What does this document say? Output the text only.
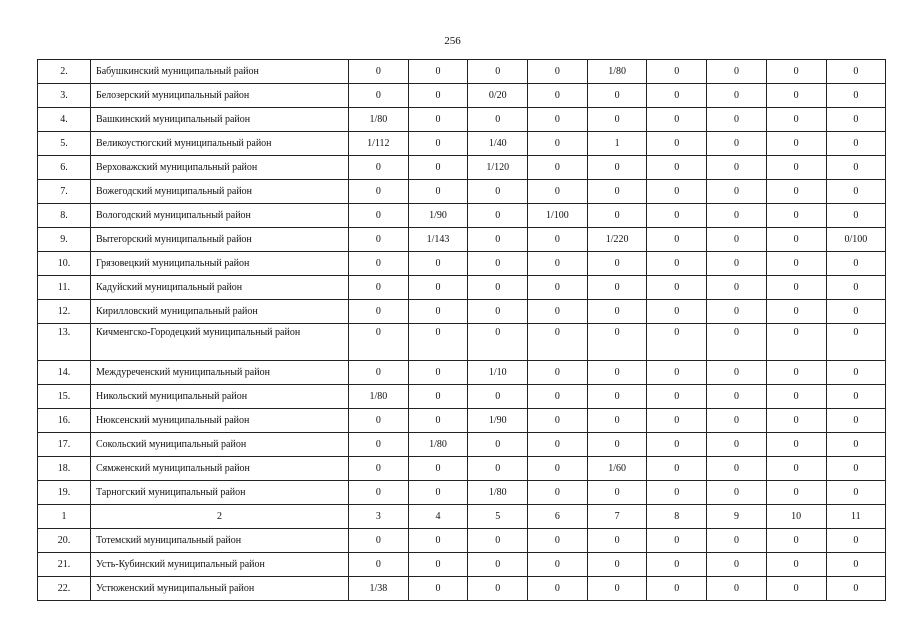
256
2.	Бабушкинский муниципальный район	0	0	0	0	1/80	0	0	0	0
3.	Белозерский муниципальный район	0	0	0/20	0	0	0	0	0	0
4.	Вашкинский муниципальный район	1/80	0	0	0	0	0	0	0	0
5.	Великоустюгский муниципальный район	1/112	0	1/40	0	1	0	0	0	0
6.	Верховажский муниципальный район	0	0	1/120	0	0	0	0	0	0
7.	Вожегодский муниципальный район	0	0	0	0	0	0	0	0	0
8.	Вологодский муниципальный район	0	1/90	0	1/100	0	0	0	0	0
9.	Вытегорский муниципальный район	0	1/143	0	0	1/220	0	0	0	0/100
10.	Грязовецкий муниципальный район	0	0	0	0	0	0	0	0	0
11.	Кадуйский муниципальный район	0	0	0	0	0	0	0	0	0
12.	Кирилловский муниципальный район	0	0	0	0	0	0	0	0	0
13.	Кичменгско-Городецкий муниципальный район	0	0	0	0	0	0	0	0	0
14.	Междуреченский муниципальный район	0	0	1/10	0	0	0	0	0	0
15.	Никольский муниципальный район	1/80	0	0	0	0	0	0	0	0
16.	Нюксенский муниципальный район	0	0	1/90	0	0	0	0	0	0
17.	Сокольский муниципальный район	0	1/80	0	0	0	0	0	0	0
18.	Сямженский муниципальный район	0	0	0	0	1/60	0	0	0	0
19.	Тарногский муниципальный район	0	0	1/80	0	0	0	0	0	0
1	2	3	4	5	6	7	8	9	10	11
20.	Тотемский муниципальный район	0	0	0	0	0	0	0	0	0
21.	Усть-Кубинский муниципальный район	0	0	0	0	0	0	0	0	0
22.	Устюженский муниципальный район	1/38	0	0	0	0	0	0	0	0
